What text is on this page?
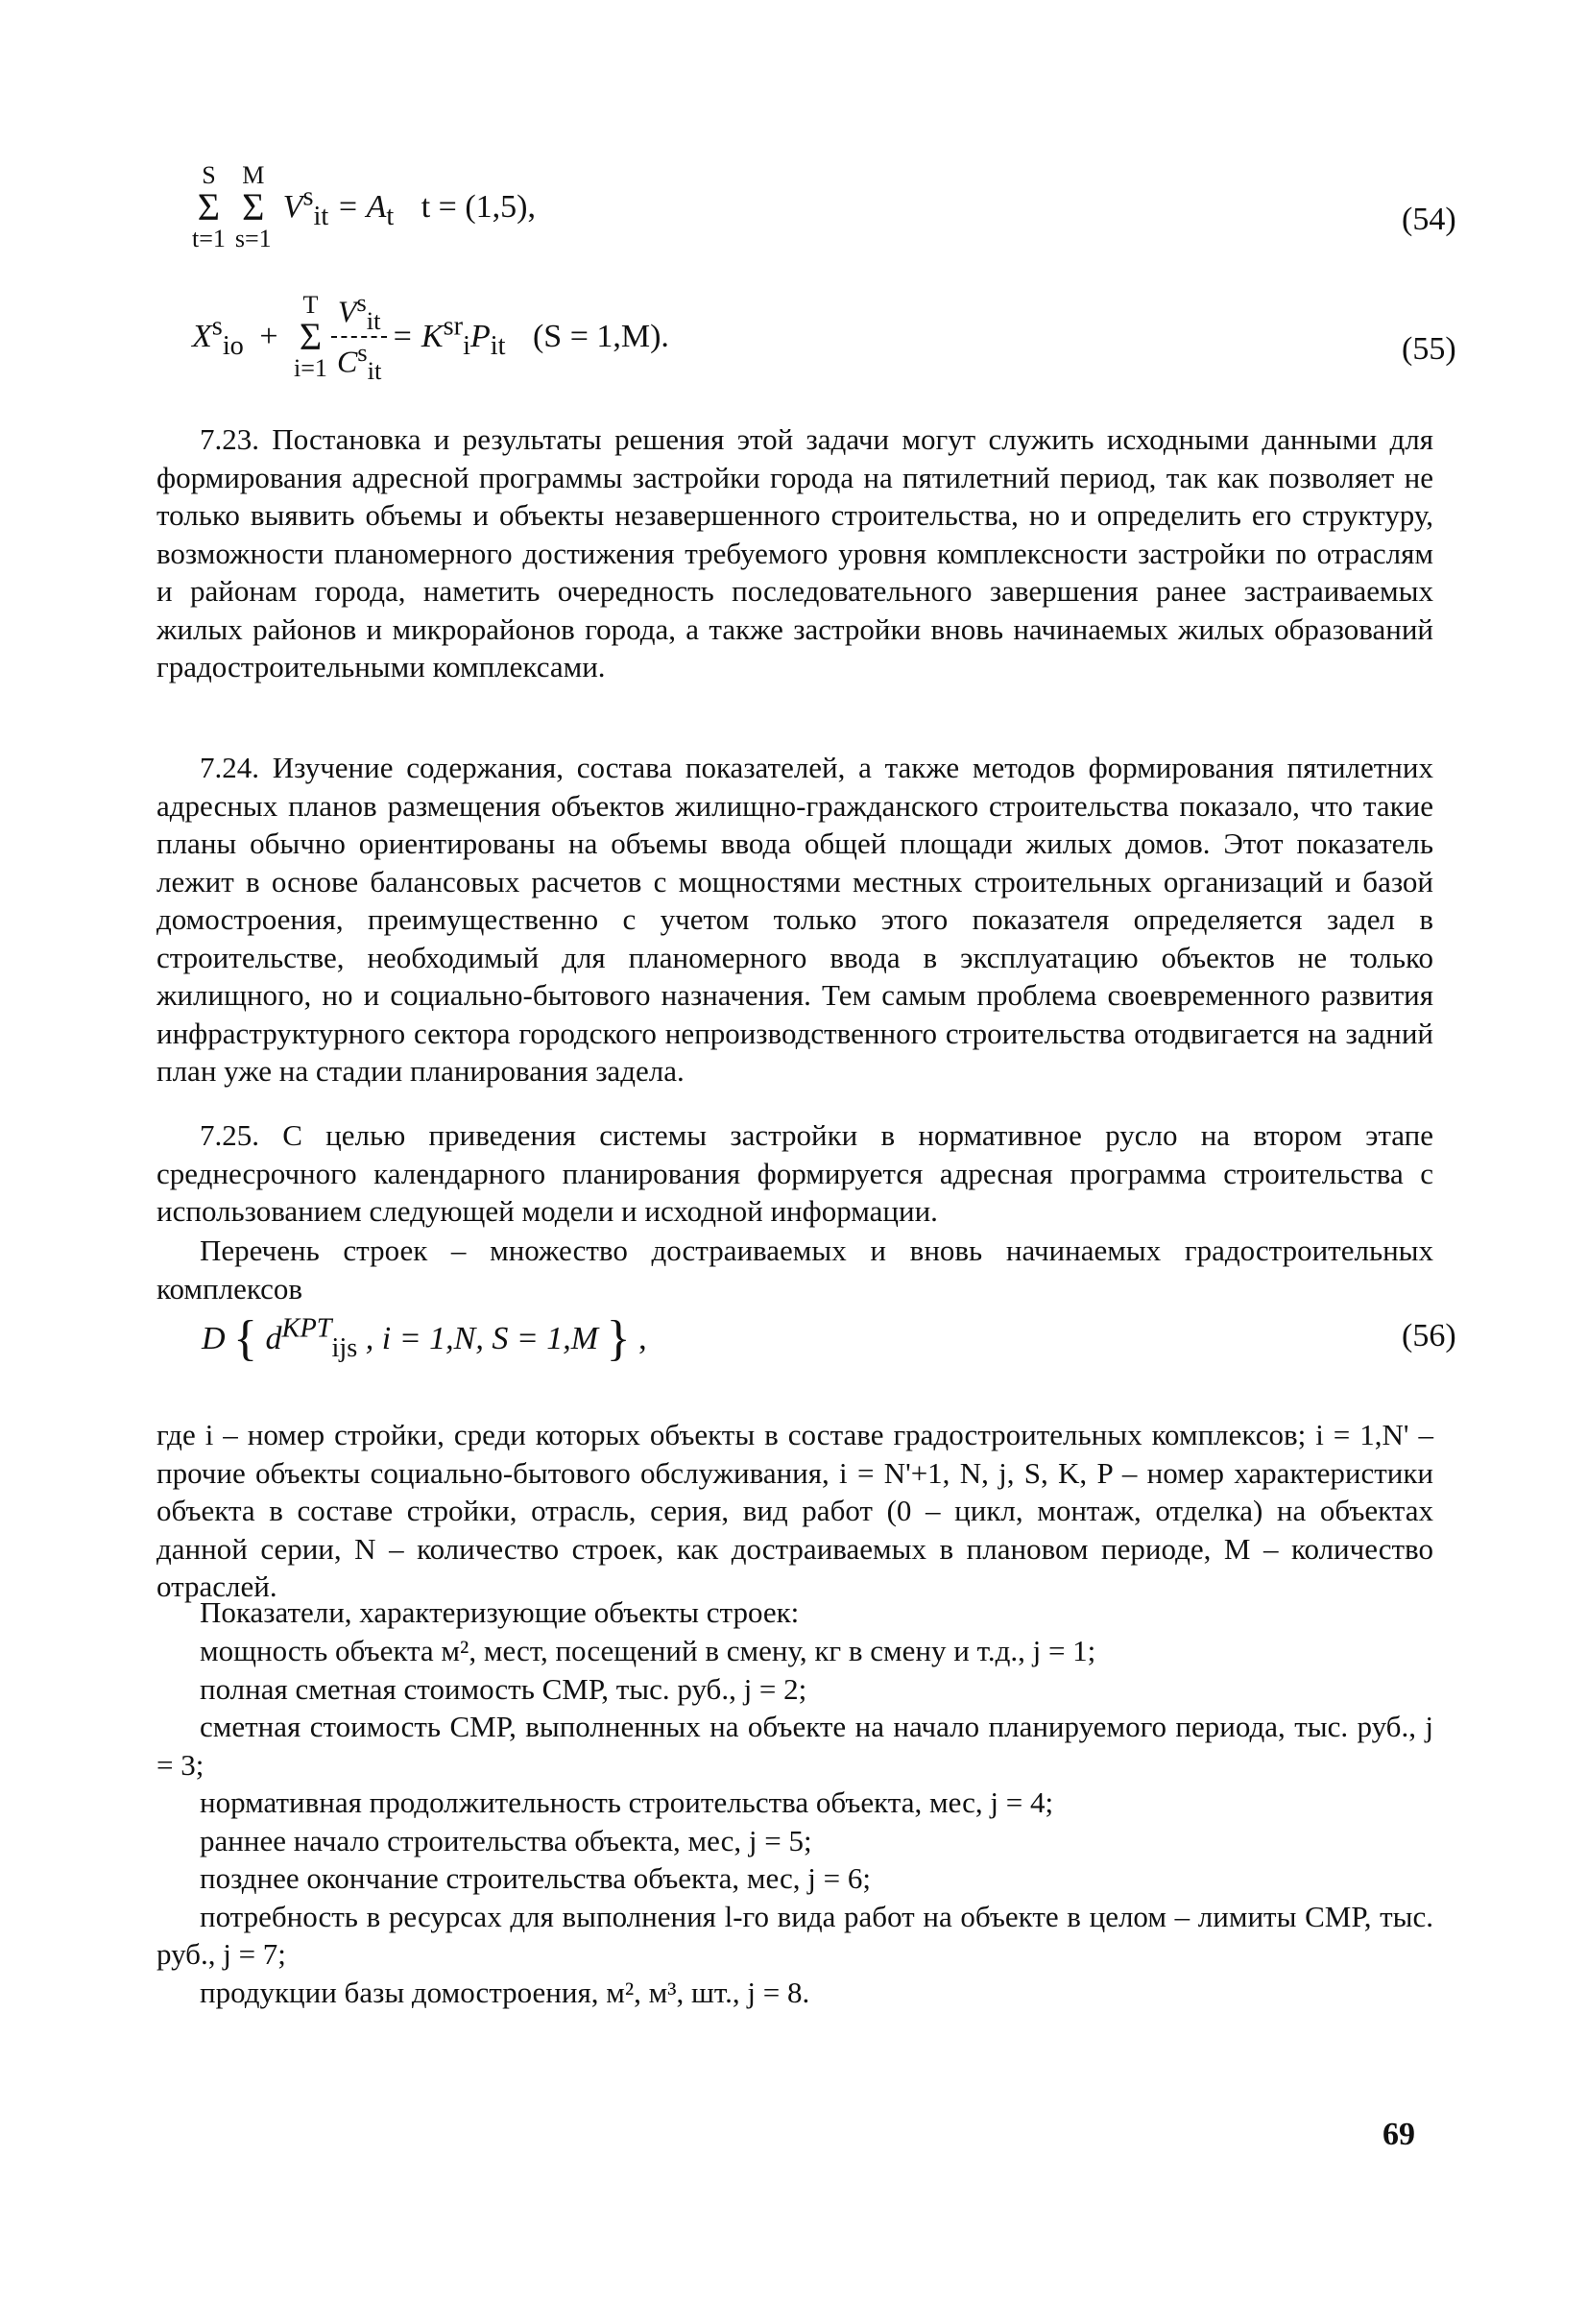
S
Σ
t=1

M
Σ
s=1
$V^s_{it} = A_t$ t = (1,5),	(54)
$X^s_{io}$ +
T
Σ
i=1
$\frac{V^s_{it}}{C^s_{it}} = K^{sr}_iP_{it}$ (S = 1,M).	(55)

7.23. Постановка и результаты решения этой задачи могут служить исходными данными для формирования адресной программы застройки города на пятилетний период, так как позволяет не только выявить объемы и объекты незавершенного строительства, но и определить его структуру, возможности планомерного достижения требуемого уровня комплексности застройки по отраслям и районам города, наметить очередность последовательного завершения ранее застраиваемых жилых районов и микрорайонов города, а также застройки вновь начинаемых жилых образований градостроительными комплексами.

7.24. Изучение содержания, состава показателей, а также методов формирования пятилетних адресных планов размещения объектов жилищно-гражданского строительства показало, что такие планы обычно ориентированы на объемы ввода общей площади жилых домов. Этот показатель лежит в основе балансовых расчетов с мощностями местных строительных организаций и базой домостроения, преимущественно с учетом только этого показателя определяется задел в строительстве, необходимый для планомерного ввода в эксплуатацию объектов не только жилищного, но и социально-бытового назначения. Тем самым проблема своевременного развития инфраструктурного сектора городского непроизводственного строительства отодвигается на задний план уже на стадии планирования задела.

7.25. С целью приведения системы застройки в нормативное русло на втором этапе среднесрочного календарного планирования формируется адресная программа строительства с использованием следующей модели и исходной информации.

Перечень строек – множество достраиваемых и вновь начинаемых градостроительных комплексов

D { $d^{KPT}_{ijs}$ , i = 1,N, S = 1,M } ,	(56)

где i – номер стройки, среди которых объекты в составе градостроительных комплексов; i = 1,N' – прочие объекты социально-бытового обслуживания, i = N'+1, N, j, S, K, P – номер характеристики объекта в составе стройки, отрасль, серия, вид работ (0 – цикл, монтаж, отделка) на объектах данной серии, N – количество строек, как достраиваемых в плановом периоде, M – количество отраслей.

Показатели, характеризующие объекты строек:

мощность объекта м², мест, посещений в смену, кг в смену и т.д., j = 1;

полная сметная стоимость СМР, тыс. руб., j = 2;

сметная стоимость СМР, выполненных на объекте на начало планируемого периода, тыс. руб., j = 3;

нормативная продолжительность строительства объекта, мес, j = 4;

раннее начало строительства объекта, мес, j = 5;

позднее окончание строительства объекта, мес, j = 6;

потребность в ресурсах для выполнения l-го вида работ на объекте в целом – лимиты СМР, тыс. руб., j = 7;

продукции базы домостроения, м², м³, шт., j = 8.

69
